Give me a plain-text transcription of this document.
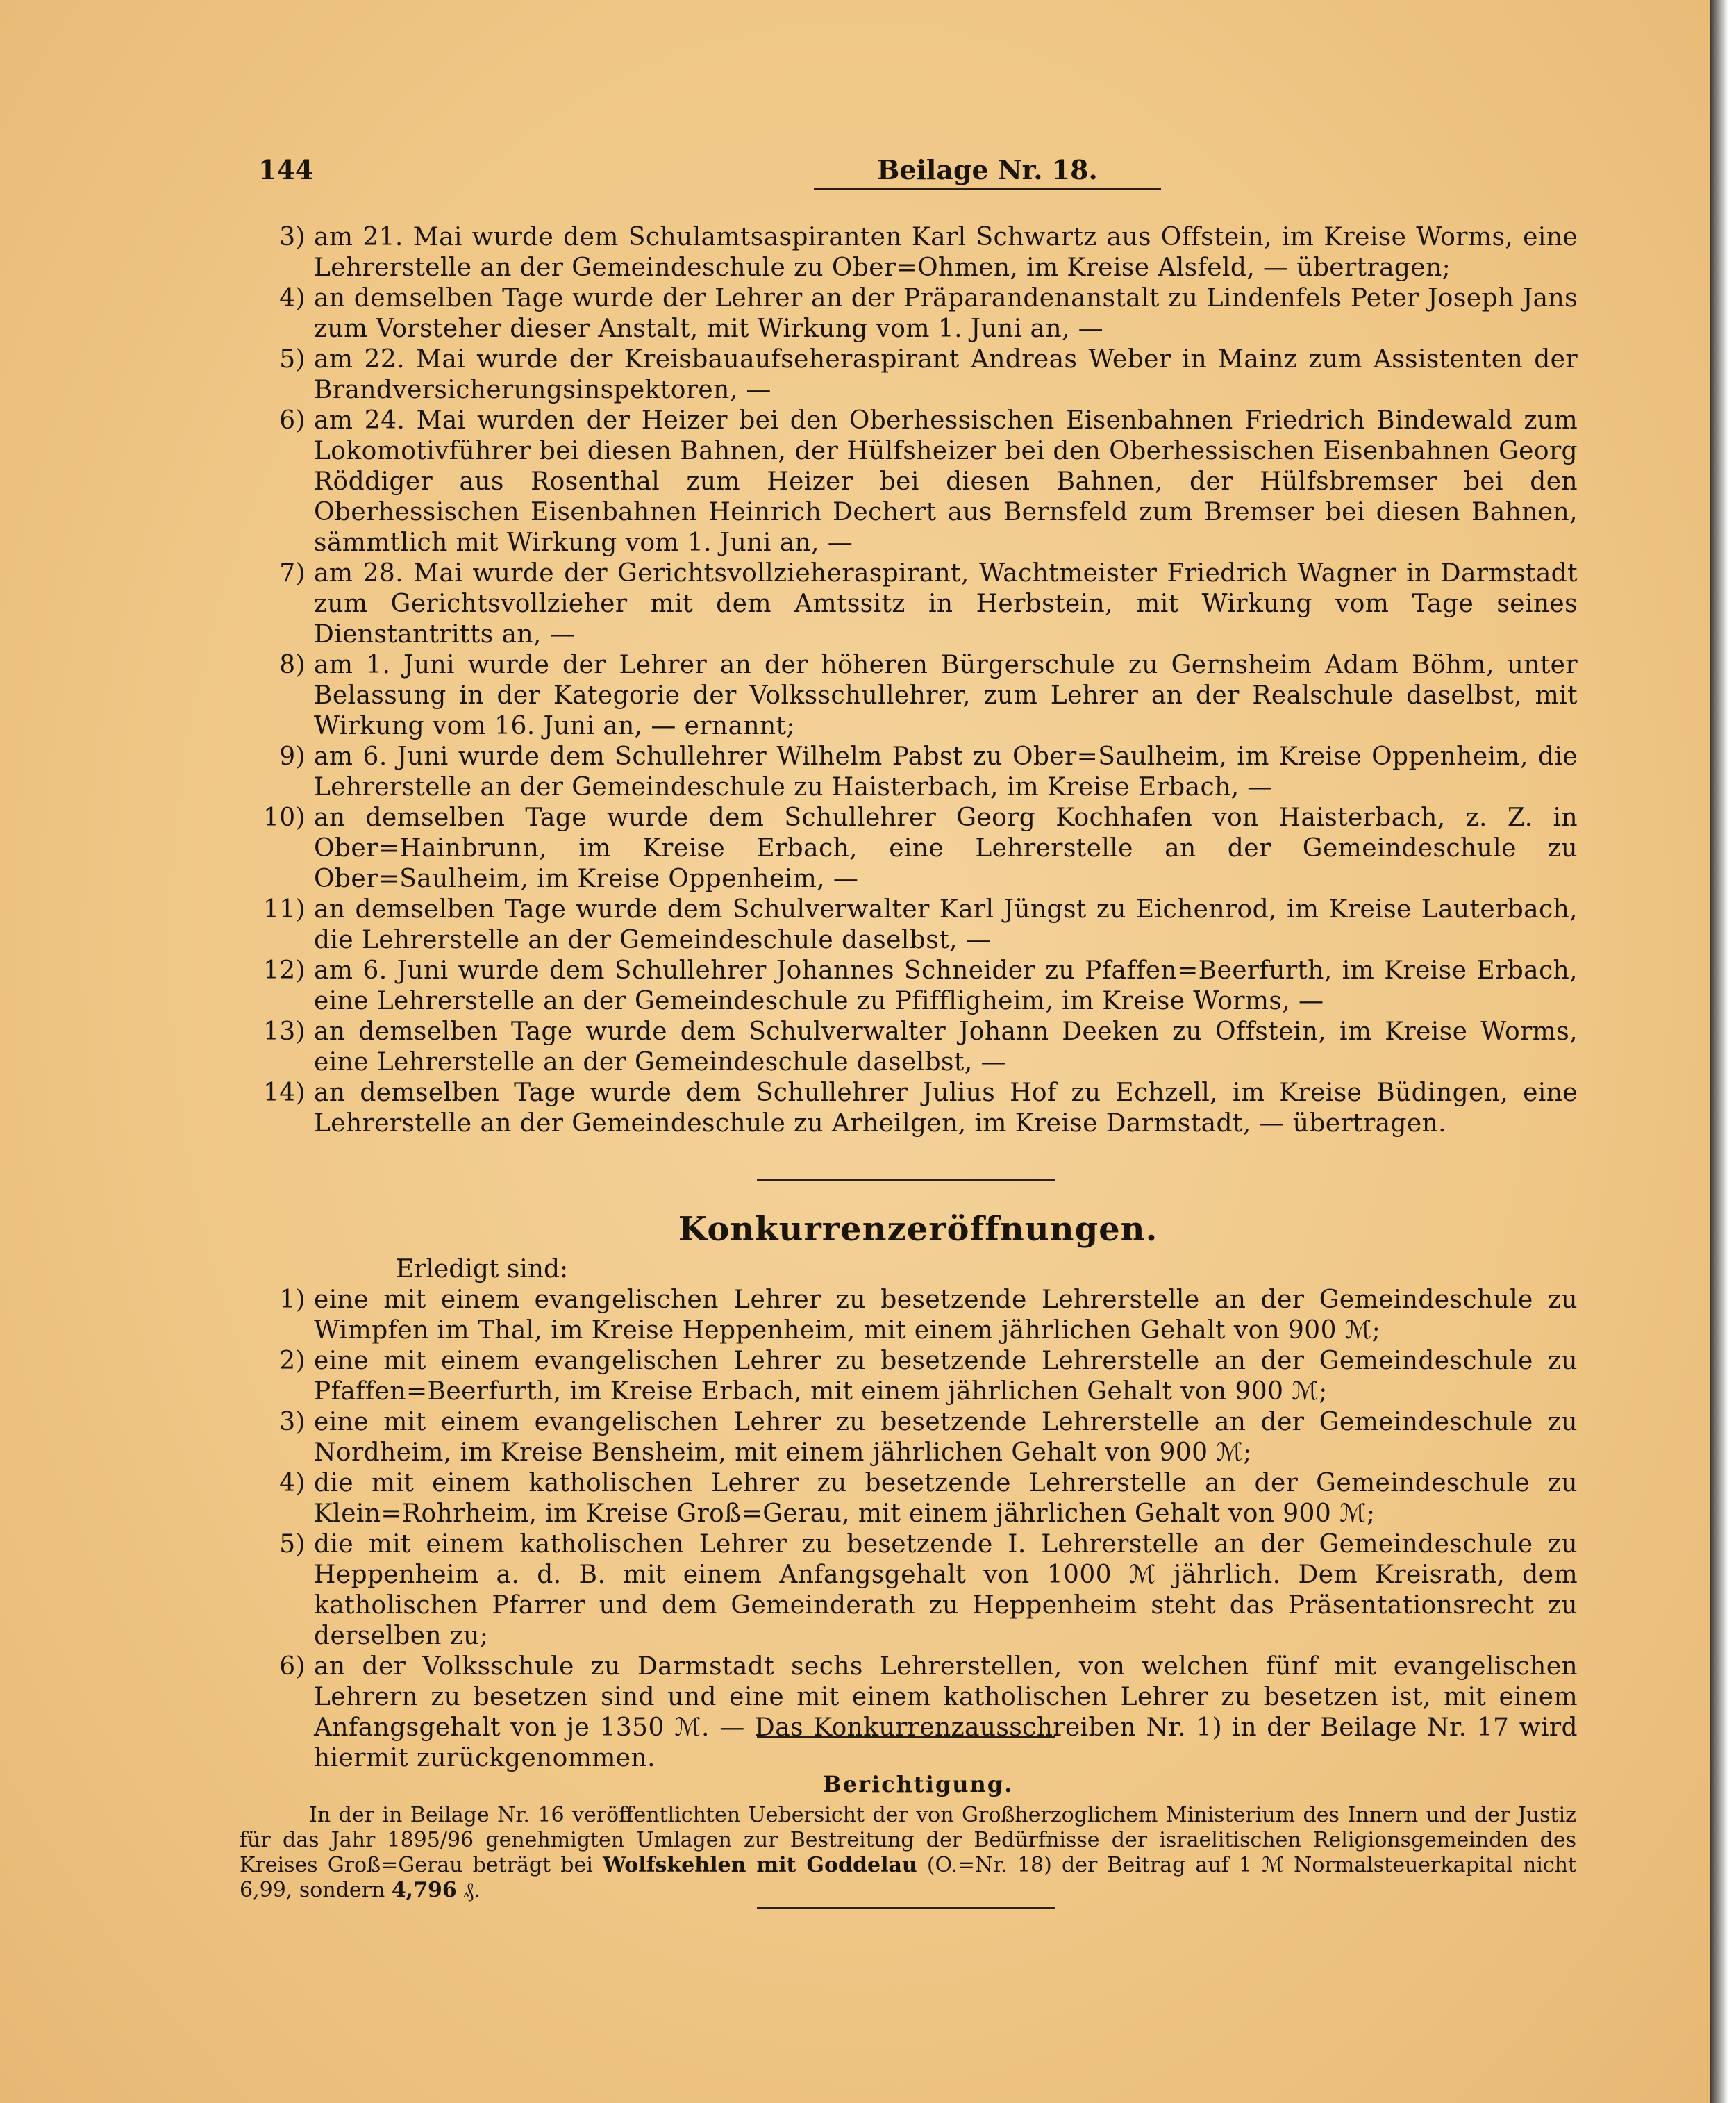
144	Beilage Nr. 18.
3) am 21. Mai wurde dem Schulamtsaspiranten Karl Schwartz aus Offstein, im Kreise Worms, eine Lehrerstelle an der Gemeindeschule zu Ober=Ohmen, im Kreise Alsfeld, — übertragen;
4) an demselben Tage wurde der Lehrer an der Präparandenanstalt zu Lindenfels Peter Joseph Jans zum Vorsteher dieser Anstalt, mit Wirkung vom 1. Juni an, —
5) am 22. Mai wurde der Kreisbauaufseheraspirant Andreas Weber in Mainz zum Assistenten der Brandversicherungsinspektoren, —
6) am 24. Mai wurden der Heizer bei den Oberhessischen Eisenbahnen Friedrich Bindewald zum Lokomotivführer bei diesen Bahnen, der Hülfsheizer bei den Oberhessischen Eisenbahnen Georg Röddiger aus Rosenthal zum Heizer bei diesen Bahnen, der Hülfsbremser bei den Oberhessischen Eisenbahnen Heinrich Dechert aus Bernsfeld zum Bremser bei diesen Bahnen, sämmtlich mit Wirkung vom 1. Juni an, —
7) am 28. Mai wurde der Gerichtsvollzieheraspirant, Wachtmeister Friedrich Wagner in Darmstadt zum Gerichtsvollzieher mit dem Amtssitz in Herbstein, mit Wirkung vom Tage seines Dienstantritts an, —
8) am 1. Juni wurde der Lehrer an der höheren Bürgerschule zu Gernsheim Adam Böhm, unter Belassung in der Kategorie der Volksschullehrer, zum Lehrer an der Realschule daselbst, mit Wirkung vom 16. Juni an, — ernannt;
9) am 6. Juni wurde dem Schullehrer Wilhelm Pabst zu Ober=Saulheim, im Kreise Oppenheim, die Lehrerstelle an der Gemeindeschule zu Haisterbach, im Kreise Erbach, —
10) an demselben Tage wurde dem Schullehrer Georg Kochhafen von Haisterbach, z. Z. in Ober=Hainbrunn, im Kreise Erbach, eine Lehrerstelle an der Gemeindeschule zu Ober=Saulheim, im Kreise Oppenheim, —
11) an demselben Tage wurde dem Schulverwalter Karl Jüngst zu Eichenrod, im Kreise Lauterbach, die Lehrerstelle an der Gemeindeschule daselbst, —
12) am 6. Juni wurde dem Schullehrer Johannes Schneider zu Pfaffen=Beerfurth, im Kreise Erbach, eine Lehrerstelle an der Gemeindeschule zu Pfiffligheim, im Kreise Worms, —
13) an demselben Tage wurde dem Schulverwalter Johann Deeken zu Offstein, im Kreise Worms, eine Lehrerstelle an der Gemeindeschule daselbst, —
14) an demselben Tage wurde dem Schullehrer Julius Hof zu Echzell, im Kreise Büdingen, eine Lehrerstelle an der Gemeindeschule zu Arheilgen, im Kreise Darmstadt, — übertragen.
Konkurrenzeröffnungen.
Erledigt sind:
1) eine mit einem evangelischen Lehrer zu besetzende Lehrerstelle an der Gemeindeschule zu Wimpfen im Thal, im Kreise Heppenheim, mit einem jährlichen Gehalt von 900 ℳ;
2) eine mit einem evangelischen Lehrer zu besetzende Lehrerstelle an der Gemeindeschule zu Pfaffen=Beerfurth, im Kreise Erbach, mit einem jährlichen Gehalt von 900 ℳ;
3) eine mit einem evangelischen Lehrer zu besetzende Lehrerstelle an der Gemeindeschule zu Nordheim, im Kreise Bensheim, mit einem jährlichen Gehalt von 900 ℳ;
4) die mit einem katholischen Lehrer zu besetzende Lehrerstelle an der Gemeindeschule zu Klein=Rohrheim, im Kreise Groß=Gerau, mit einem jährlichen Gehalt von 900 ℳ;
5) die mit einem katholischen Lehrer zu besetzende I. Lehrerstelle an der Gemeindeschule zu Heppenheim a. d. B. mit einem Anfangsgehalt von 1000 ℳ jährlich. Dem Kreisrath, dem katholischen Pfarrer und dem Gemeinderath zu Heppenheim steht das Präsentationsrecht zu derselben zu;
6) an der Volksschule zu Darmstadt sechs Lehrerstellen, von welchen fünf mit evangelischen Lehrern zu besetzen sind und eine mit einem katholischen Lehrer zu besetzen ist, mit einem Anfangsgehalt von je 1350 ℳ. — Das Konkurrenzausschreiben Nr. 1) in der Beilage Nr. 17 wird hiermit zurückgenommen.
Berichtigung.
In der in Beilage Nr. 16 veröffentlichten Uebersicht der von Großherzoglichem Ministerium des Innern und der Justiz für das Jahr 1895/96 genehmigten Umlagen zur Bestreitung der Bedürfnisse der israelitischen Religionsgemeinden des Kreises Groß=Gerau beträgt bei Wolfskehlen mit Goddelau (O.=Nr. 18) der Beitrag auf 1 ℳ Normalsteuerkapital nicht 6,99, sondern 4,796 ₰.
